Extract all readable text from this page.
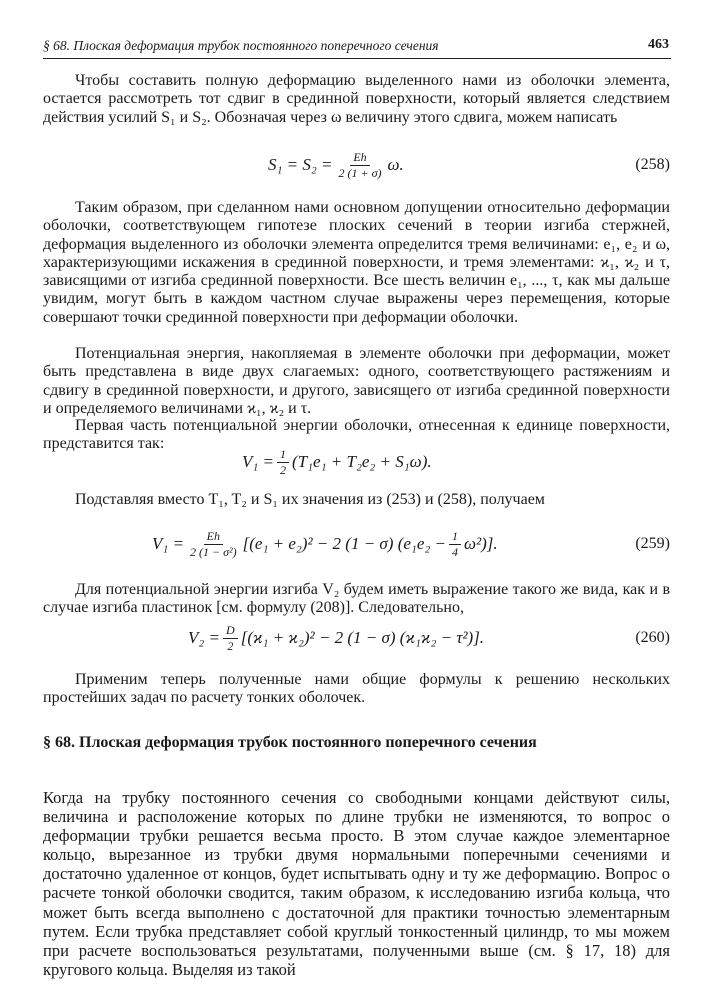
§ 68. Плоская деформация трубок постоянного поперечного сечения	463

Чтобы составить полную деформацию выделенного нами из оболочки элемента, остается рассмотреть тот сдвиг в срединной поверхности, который является следствием действия усилий S₁ и S₂. Обозначая через ω величину этого сдвига, можем написать

$S_1 = S_2 = \frac{Eh}{2 (1 + \sigma)} \omega$.	(258)

Таким образом, при сделанном нами основном допущении относительно деформации оболочки, соответствующем гипотезе плоских сечений в теории изгиба стержней, деформация выделенного из оболочки элемента определится тремя величинами: e₁, e₂ и ω, характеризующими искажения в срединной поверхности, и тремя элементами: ϰ₁, ϰ₂ и τ, зависящими от изгиба срединной поверхности. Все шесть величин e₁, ..., τ, как мы дальше увидим, могут быть в каждом частном случае выражены через перемещения, которые совершают точки срединной поверхности при деформации оболочки.

Потенциальная энергия, накопляемая в элементе оболочки при деформации, может быть представлена в виде двух слагаемых: одного, соответствующего растяжениям и сдвигу в срединной поверхности, и другого, зависящего от изгиба срединной поверхности и определяемого величинами ϰ₁, ϰ₂ и τ.

Первая часть потенциальной энергии оболочки, отнесенная к единице поверхности, представится так:

$V_1 = \frac{1}{2} (T_1e_1 + T_2e_2 + S_1\omega)$.

Подставляя вместо T₁, T₂ и S₁ их значения из (253) и (258), получаем

$V_1 = \frac{Eh}{\text{2 (1 − σ²)}} [(e_1 + e_2)^2 - 2$ (1 − σ) $(e_1e_2 - \frac{1}{4} \omega^2)$].	(259)

Для потенциальной энергии изгиба V₂ будем иметь выражение такого же вида, как и в случае изгиба пластинок [см. формулу (208)]. Следовательно,

$V_2 = \frac{D}{2} [(ϰ_1 + ϰ_2)^2 - 2$ (1 − σ) (ϰ₁ϰ₂ − τ²)].	(260)

Применим теперь полученные нами общие формулы к решению нескольких простейших задач по расчету тонких оболочек.

§ 68. Плоская деформация трубок постоянного поперечного сечения

Когда на трубку постоянного сечения со свободными концами действуют силы, величина и расположение которых по длине трубки не изменяются, то вопрос о деформации трубки решается весьма просто. В этом случае каждое элементарное кольцо, вырезанное из трубки двумя нормальными поперечными сечениями и достаточно удаленное от концов, будет испытывать одну и ту же деформацию. Вопрос о расчете тонкой оболочки сводится, таким образом, к исследованию изгиба кольца, что может быть всегда выполнено с достаточной для практики точностью элементарным путем. Если трубка представляет собой круглый тонкостенный цилиндр, то мы можем при расчете воспользоваться результатами, полученными выше (см. § 17, 18) для кругового кольца. Выделяя из такой
